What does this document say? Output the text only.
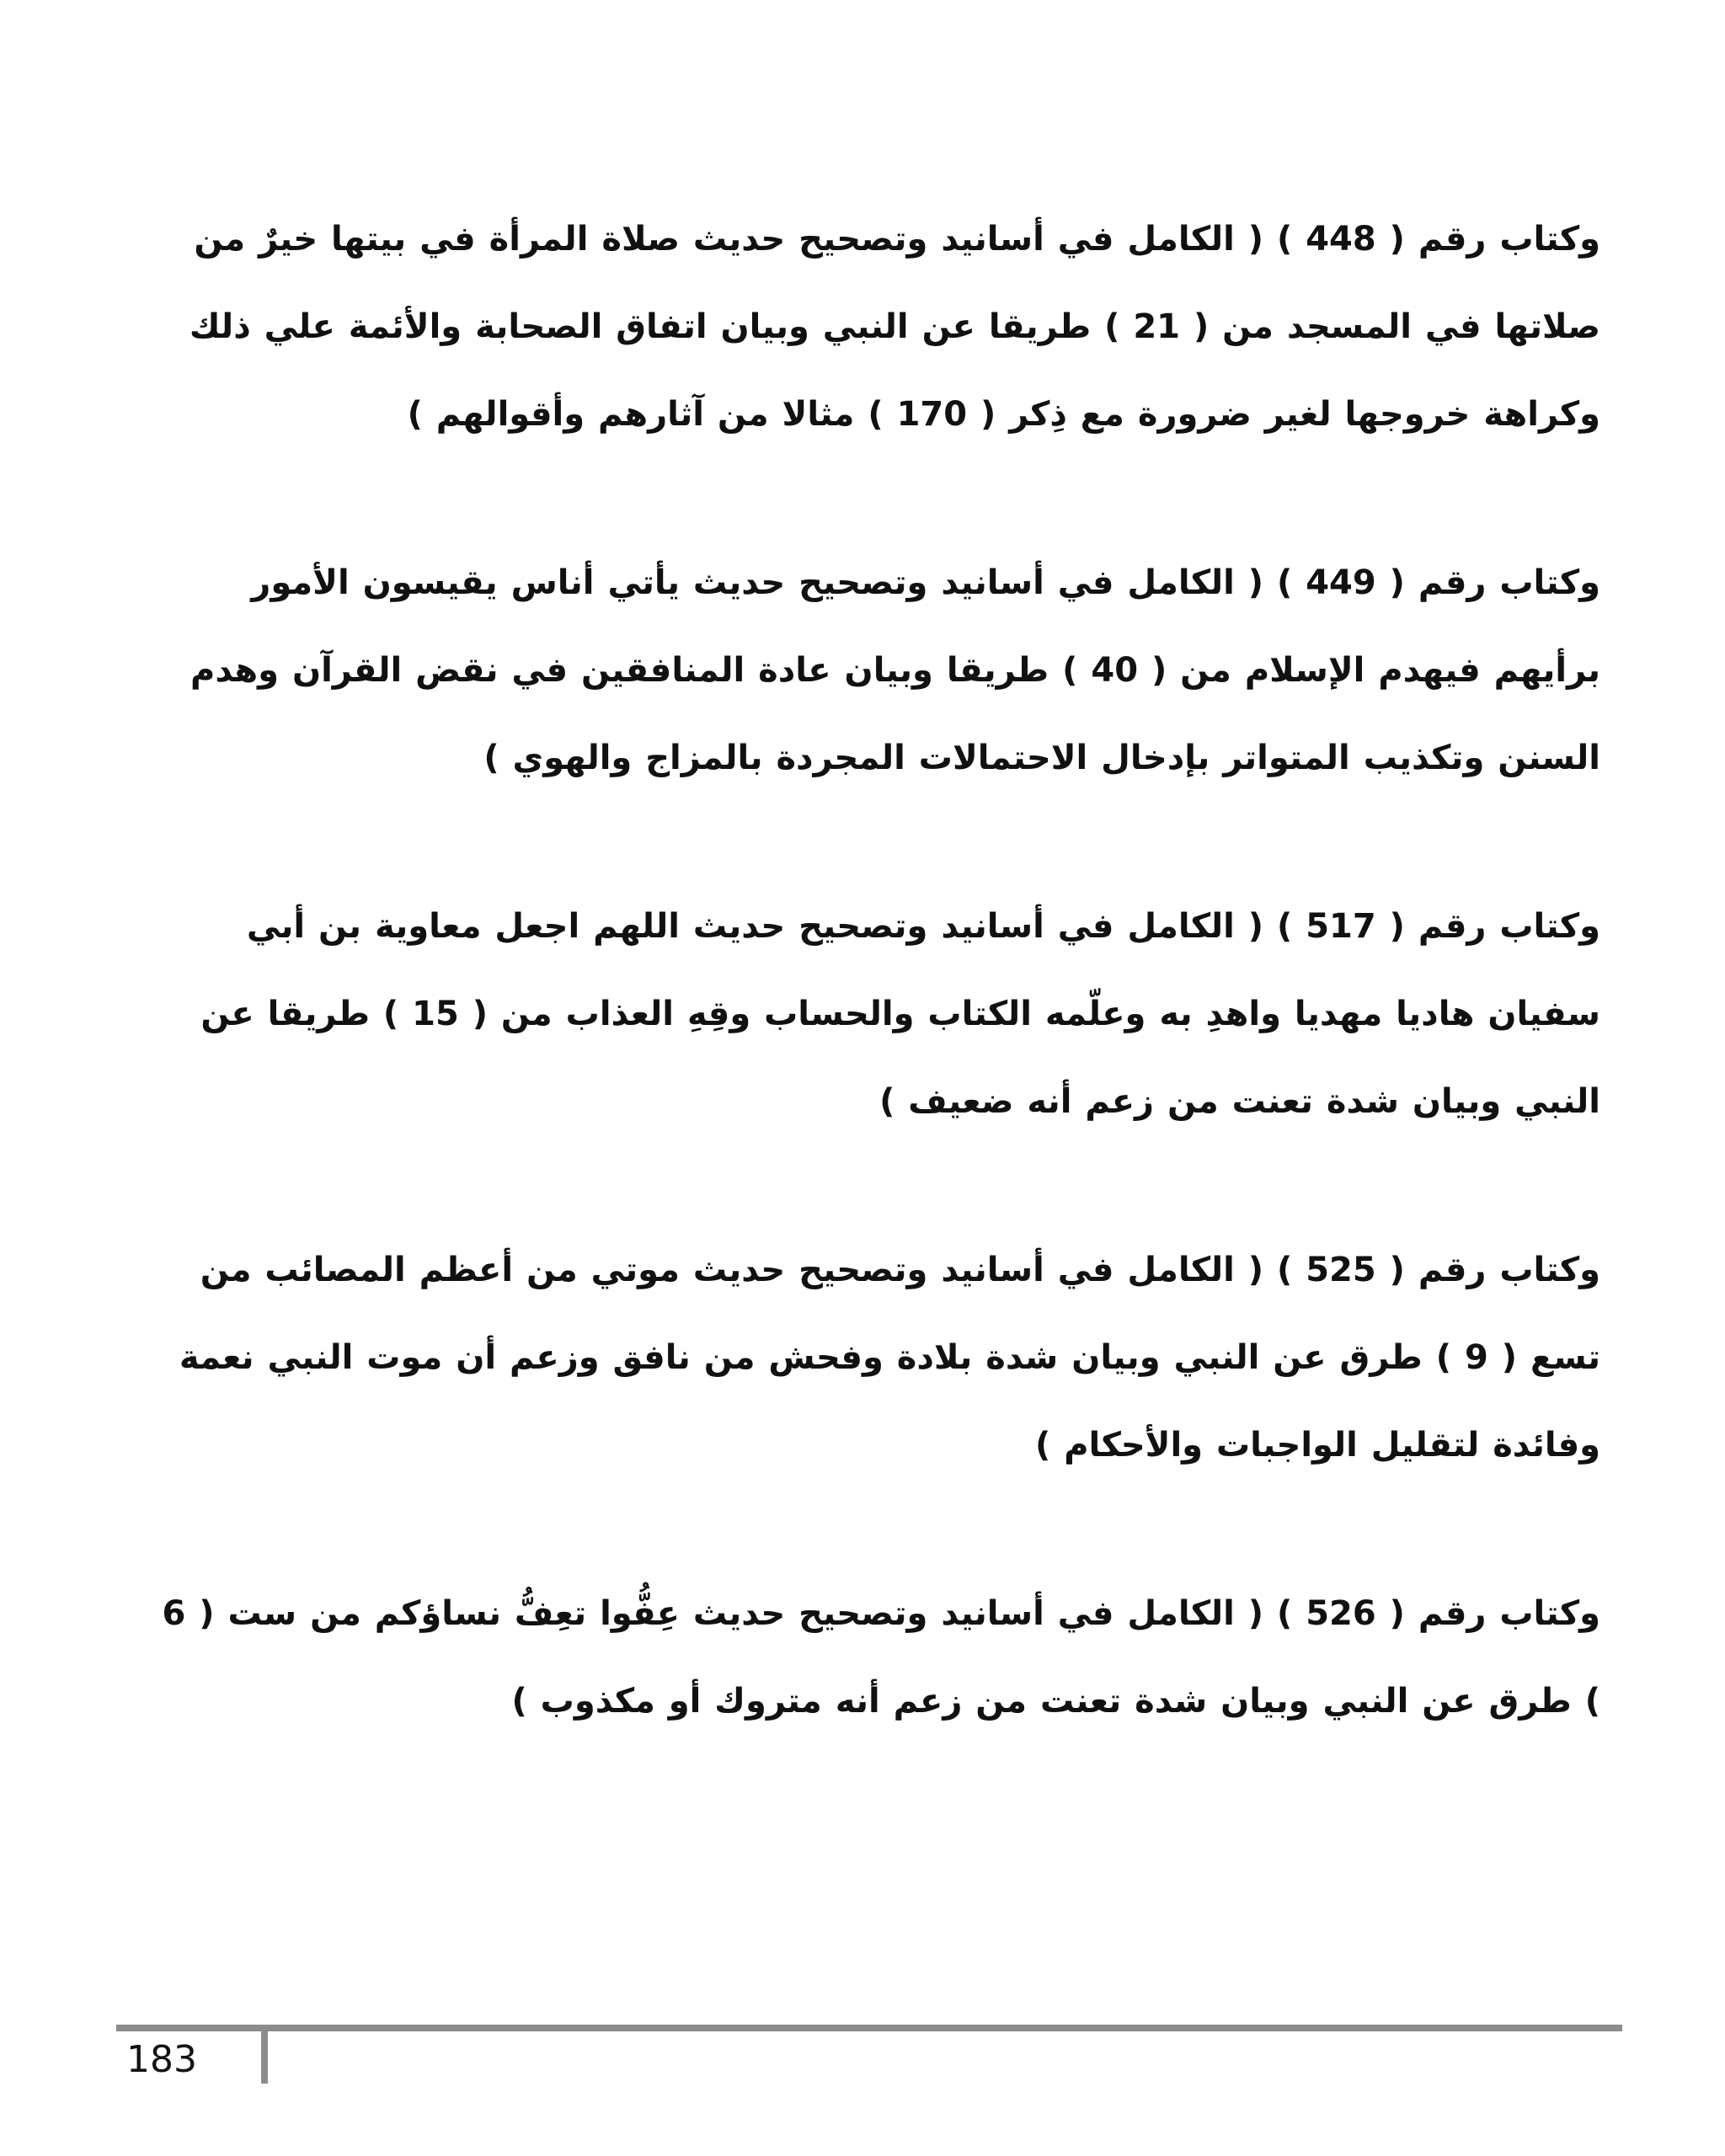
وكتاب رقم ( 448 ) ( الكامل في أسانيد وتصحيح حديث صلاة المرأة في بيتها خيرٌ من صلاتها في المسجد من ( 21 ) طريقا عن النبي وبيان اتفاق الصحابة والأئمة علي ذلك وكراهة خروجها لغير ضرورة مع ذِكر ( 170 ) مثالا من آثارهم وأقوالهم )

وكتاب رقم ( 449 ) ( الكامل في أسانيد وتصحيح حديث يأتي أناس يقيسون الأمور برأيهم فيهدم الإسلام من ( 40 ) طريقا وبيان عادة المنافقين في نقض القرآن وهدم السنن وتكذيب المتواتر بإدخال الاحتمالات المجردة بالمزاج والهوي )

وكتاب رقم ( 517 ) ( الكامل في أسانيد وتصحيح حديث اللهم اجعل معاوية بن أبي سفيان هاديا مهديا واهدِ به وعلّمه الكتاب والحساب وقِهِ العذاب من ( 15 ) طريقا عن النبي وبيان شدة تعنت من زعم أنه ضعيف )

وكتاب رقم ( 525 ) ( الكامل في أسانيد وتصحيح حديث موتي من أعظم المصائب من تسع ( 9 ) طرق عن النبي وبيان شدة بلادة وفحش من نافق وزعم أن موت النبي نعمة وفائدة لتقليل الواجبات والأحكام )

وكتاب رقم ( 526 ) ( الكامل في أسانيد وتصحيح حديث عِفُّوا تعِفُّ نساؤكم من ست ( 6 ) طرق عن النبي وبيان شدة تعنت من زعم أنه متروك أو مكذوب )

183
